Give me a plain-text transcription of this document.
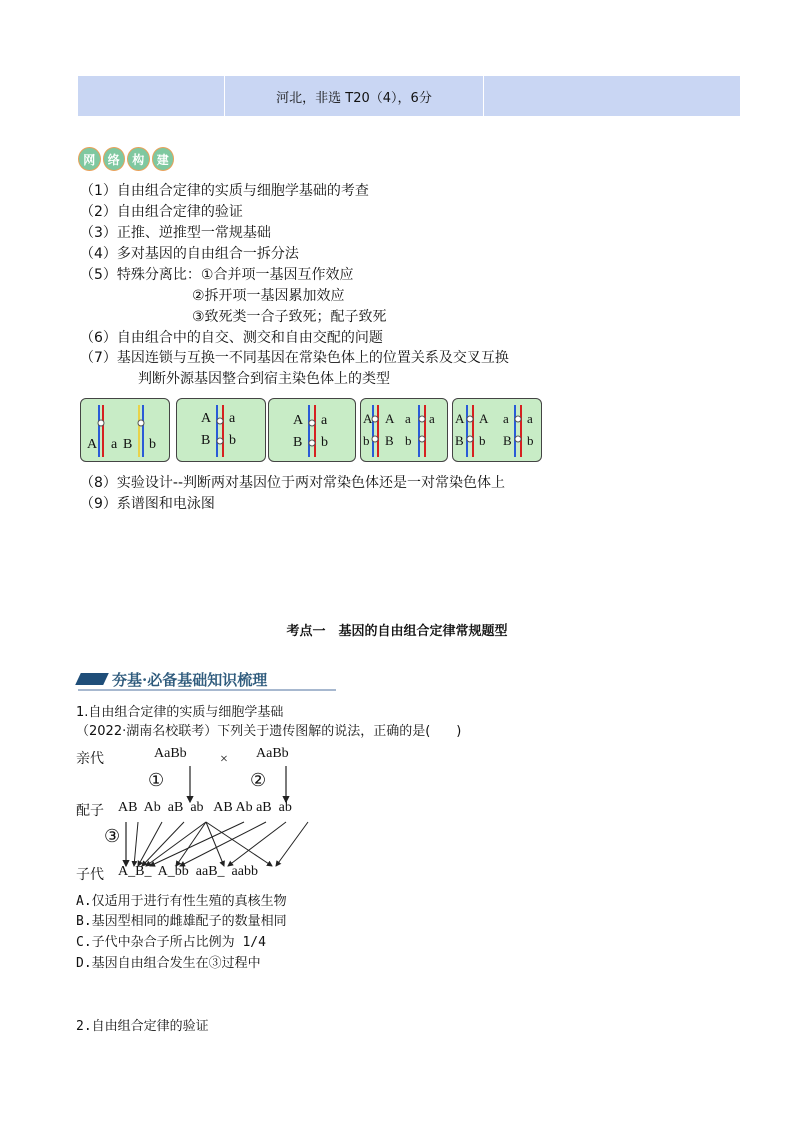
河北，非选 T20（4），6分
网	络	构	建
（1）自由组合定律的实质与细胞学基础的考查
（2）自由组合定律的验证
（3）正推、逆推型一常规基础
（4）多对基因的自由组合一拆分法
（5）特殊分离比：①合并项一基因互作效应
②拆开项一基因累加效应
③致死类一合子致死；配子致死
（6）自由组合中的自交、测交和自由交配的问题
（7）基因连锁与互换一不同基因在常染色体上的位置关系及交叉互换
判断外源基因整合到宿主染色体上的类型
A a B b
A a
B b
A a
B b
A A	a
b B
a
b
A A a a
B b B b
（8）实验设计--判断两对基因位于两对常染色体还是一对常染色体上
（9）系谱图和电泳图
考点一　基因的自由组合定律常规题型
夯基·必备基础知识梳理
1.自由组合定律的实质与细胞学基础
（2022·湖南名校联考）下列关于遗传图解的说法，正确的是(　　)
亲代	AaBb × AaBb
①	②
配子 AB  Ab  aB  ab   AB Ab aB  ab
③
子代 A_B_  A_bb  aaB_  aabb
A.仅适用于进行有性生殖的真核生物
B.基因型相同的雌雄配子的数量相同
C.子代中杂合子所占比例为 1/4
D.基因自由组合发生在③过程中
2.自由组合定律的验证
